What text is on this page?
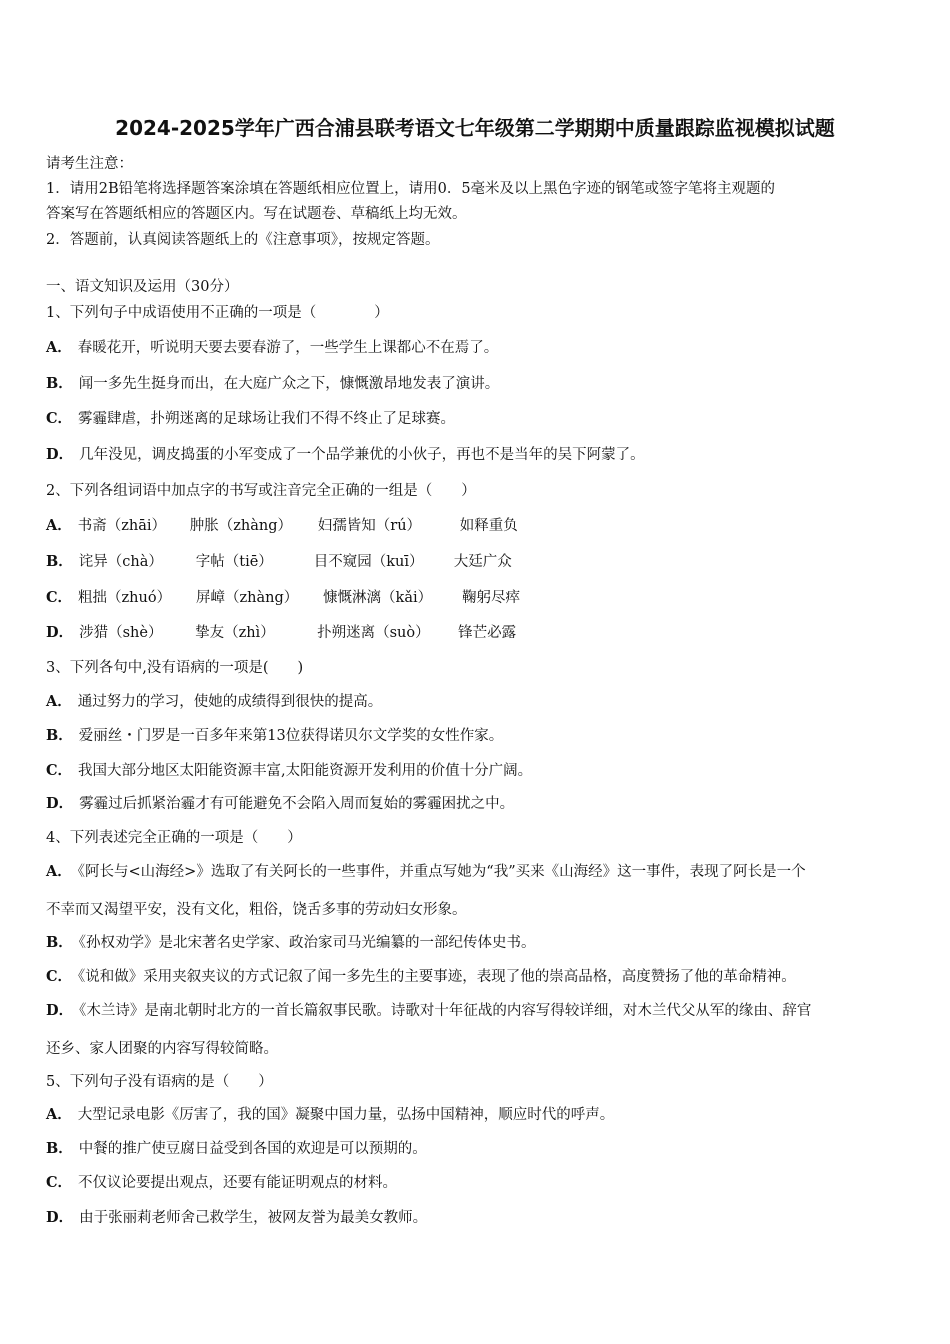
2024-2025学年广西合浦县联考语文七年级第二学期期中质量跟踪监视模拟试题
请考生注意：
1．请用2B铅笔将选择题答案涂填在答题纸相应位置上，请用0．5毫米及以上黑色字迹的钢笔或签字笔将主观题的
答案写在答题纸相应的答题区内。写在试题卷、草稿纸上均无效。
2．答题前，认真阅读答题纸上的《注意事项》，按规定答题。
一、语文知识及运用（30分）
1、下列句子中成语使用不正确的一项是（　　　　）
A． 春暖花开，听说明天要去要春游了，一些学生上课都心不在焉了。
B． 闻一多先生挺身而出，在大庭广众之下，慷慨激昂地发表了演讲。
C． 雾霾肆虐，扑朔迷离的足球场让我们不得不终止了足球赛。
D． 几年没见，调皮捣蛋的小军变成了一个品学兼优的小伙子，再也不是当年的吴下阿蒙了。
2、下列各组词语中加点字的书写或注音完全正确的一组是（　　）
A． 书斋（zhāi） 肿胀（zhàng） 妇孺皆知（rú）	如释重负
B． 诧异（chà） 字帖（tiē）	目不窥园（kuī） 大廷广众
C． 粗拙（zhuó） 屏嶂（zhàng） 慷慨淋漓（kǎi） 鞠躬尽瘁
D． 涉猎（shè） 挚友（zhì）	扑朔迷离（suò） 锋芒必露
3、下列各句中,没有语病的一项是(　　)
A． 通过努力的学习，使她的成绩得到很快的提高。
B． 爱丽丝・门罗是一百多年来第13位获得诺贝尔文学奖的女性作家。
C． 我国大部分地区太阳能资源丰富,太阳能资源开发利用的价值十分广阔。
D． 雾霾过后抓紧治霾才有可能避免不会陷入周而复始的雾霾困扰之中。
4、下列表述完全正确的一项是（　　）
A． 《阿长与<山海经>》选取了有关阿长的一些事件，并重点写她为“我”买来《山海经》这一事件，表现了阿长是一个
不幸而又渴望平安，没有文化，粗俗，饶舌多事的劳动妇女形象。
B． 《孙权劝学》是北宋著名史学家、政治家司马光编纂的一部纪传体史书。
C． 《说和做》采用夹叙夹议的方式记叙了闻一多先生的主要事迹，表现了他的崇高品格，高度赞扬了他的革命精神。
D． 《木兰诗》是南北朝时北方的一首长篇叙事民歌。诗歌对十年征战的内容写得较详细，对木兰代父从军的缘由、辞官
还乡、家人团聚的内容写得较简略。
5、下列句子没有语病的是（　　）
A． 大型记录电影《厉害了，我的国》凝聚中国力量，弘扬中国精神，顺应时代的呼声。
B． 中餐的推广使豆腐日益受到各国的欢迎是可以预期的。
C． 不仅议论要提出观点，还要有能证明观点的材料。
D． 由于张丽莉老师舍己救学生，被网友誉为最美女教师。
